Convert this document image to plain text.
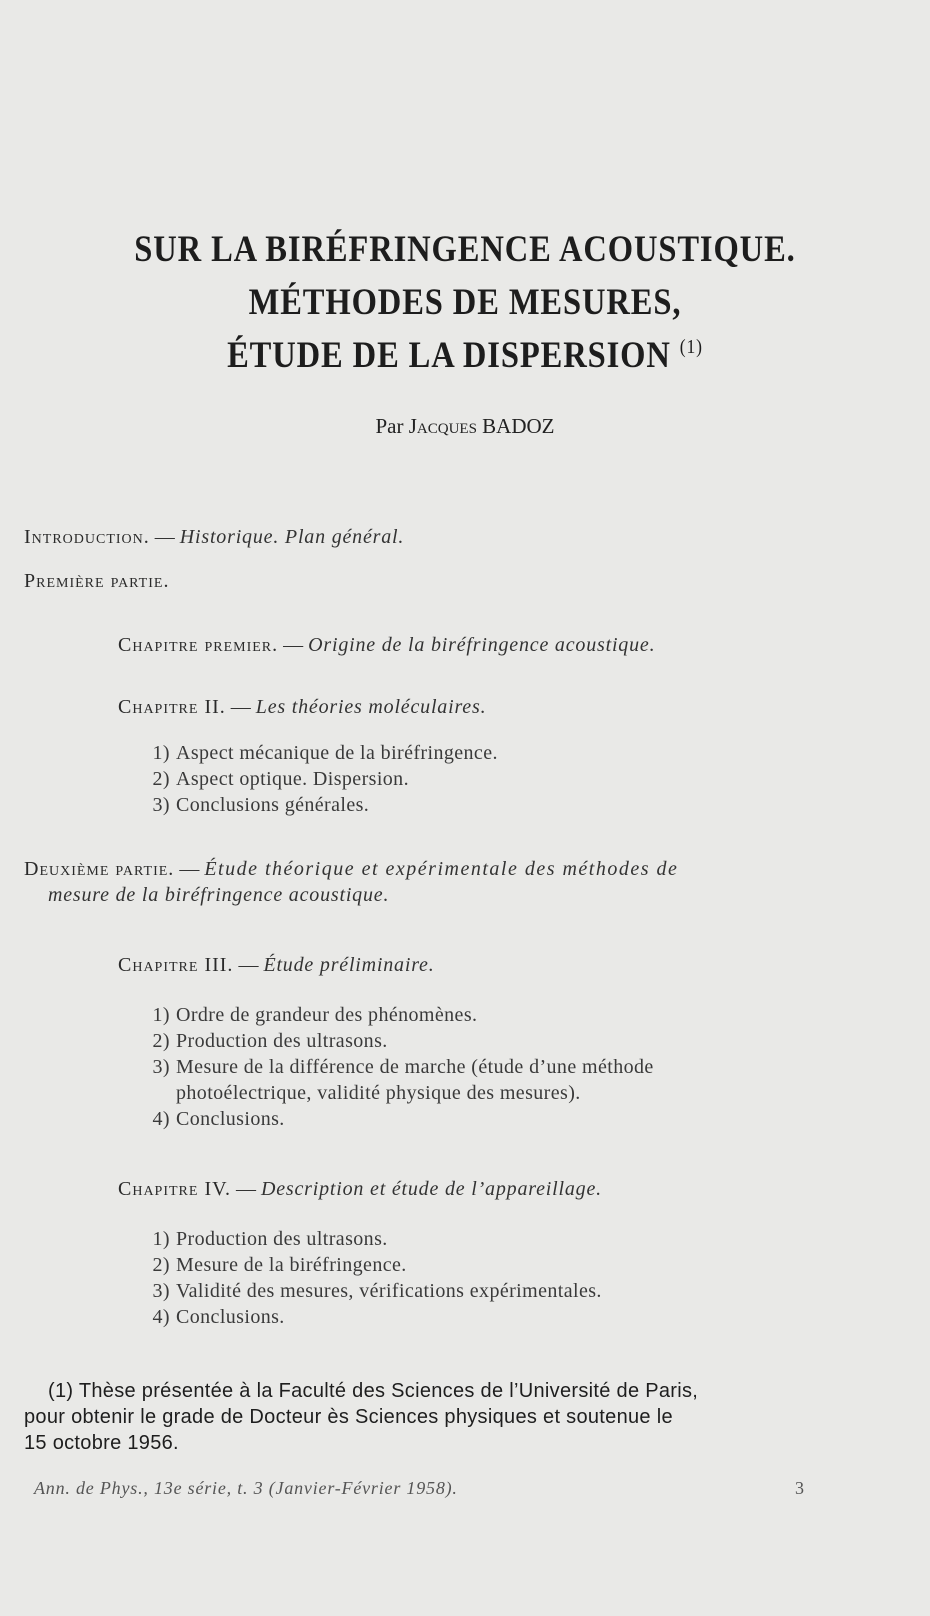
SUR LA BIRÉFRINGENCE ACOUSTIQUE.
MÉTHODES DE MESURES,
ÉTUDE DE LA DISPERSION $^{(1)}$
Par Jacques BADOZ
Introduction. — Historique. Plan général.
Première partie.
Chapitre premier. — Origine de la biréfringence acoustique.
Chapitre II. — Les théories moléculaires.
1) Aspect mécanique de la biréfringence.
2) Aspect optique. Dispersion.
3) Conclusions générales.
Deuxième partie. — Étude théorique et expérimentale des méthodes de
mesure de la biréfringence acoustique.
Chapitre III. — Étude préliminaire.
1) Ordre de grandeur des phénomènes.
2) Production des ultrasons.
3) Mesure de la différence de marche (étude d’une méthode
photoélectrique, validité physique des mesures).
4) Conclusions.
Chapitre IV. — Description et étude de l’appareillage.
1) Production des ultrasons.
2) Mesure de la biréfringence.
3) Validité des mesures, vérifications expérimentales.
4) Conclusions.
(1) Thèse présentée à la Faculté des Sciences de l’Université de Paris,
pour obtenir le grade de Docteur ès Sciences physiques et soutenue le
15 octobre 1956.
Ann. de Phys., 13e série, t. 3 (Janvier-Février 1958).	3
